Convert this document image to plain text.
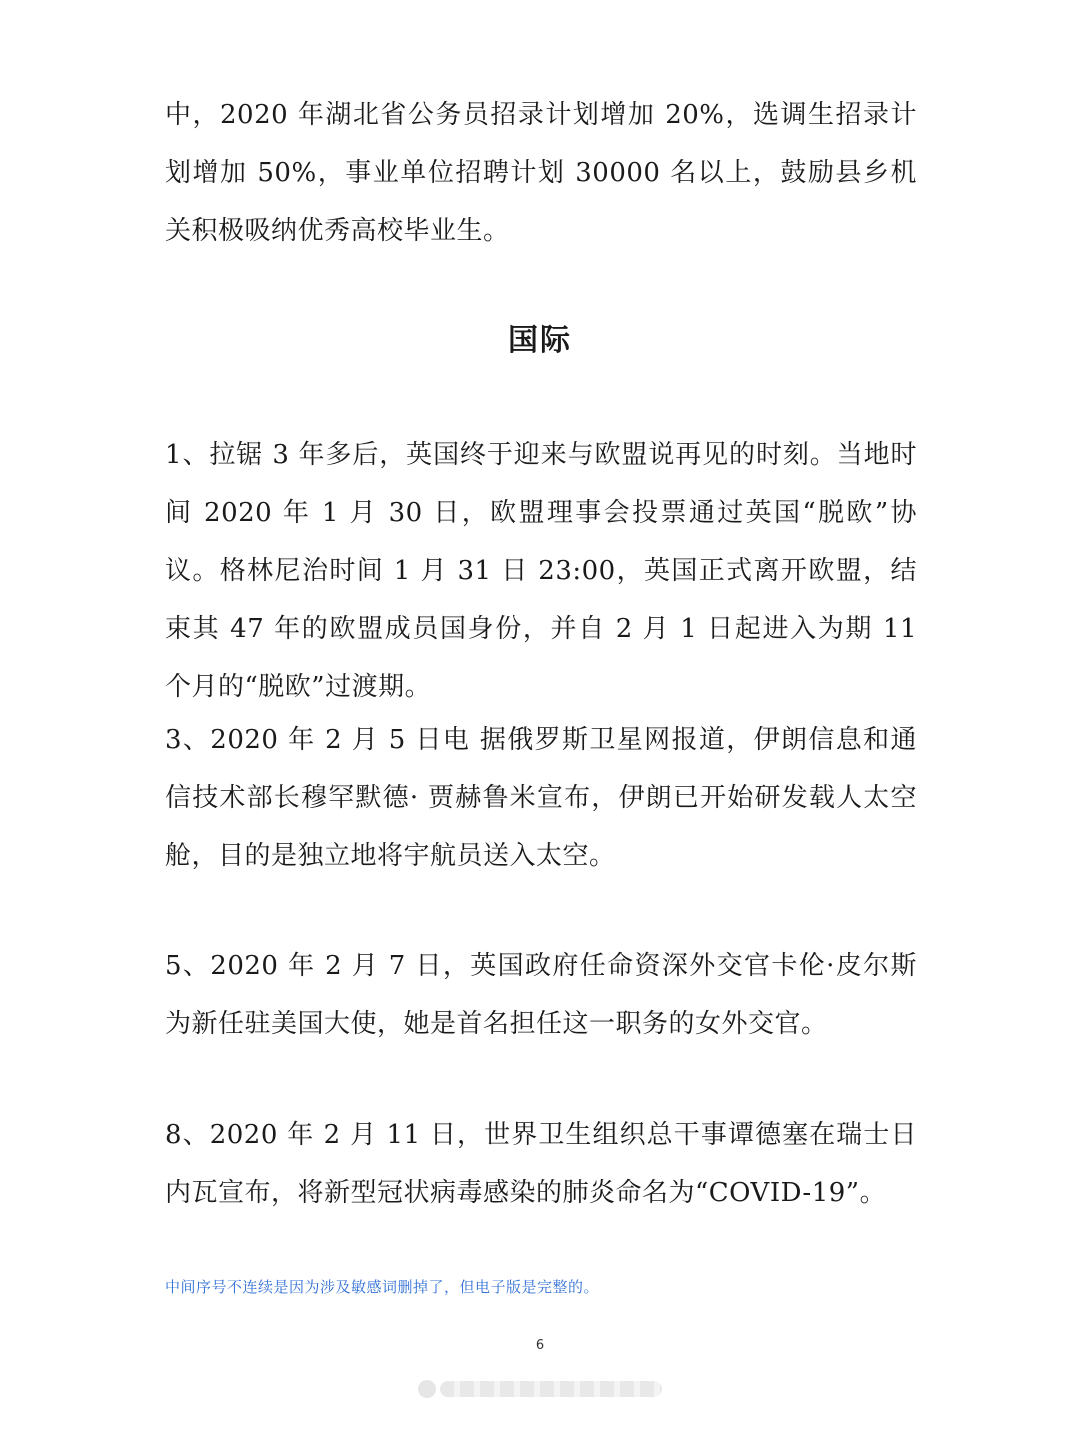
中，2020 年湖北省公务员招录计划增加 20%，选调生招录计划增加 50%，事业单位招聘计划 30000 名以上，鼓励县乡机关积极吸纳优秀高校毕业生。

国际

1、拉锯 3 年多后，英国终于迎来与欧盟说再见的时刻。当地时间 2020 年 1 月 30 日，欧盟理事会投票通过英国“脱欧”协议。格林尼治时间 1 月 31 日 23:00，英国正式离开欧盟，结束其 47 年的欧盟成员国身份，并自 2 月 1 日起进入为期 11 个月的“脱欧”过渡期。

3、2020 年 2 月 5 日电 据俄罗斯卫星网报道，伊朗信息和通信技术部长穆罕默德· 贾赫鲁米宣布，伊朗已开始研发载人太空舱，目的是独立地将宇航员送入太空。

5、2020 年 2 月 7 日，英国政府任命资深外交官卡伦·皮尔斯为新任驻美国大使，她是首名担任这一职务的女外交官。

8、2020 年 2 月 11 日，世界卫生组织总干事谭德塞在瑞士日内瓦宣布，将新型冠状病毒感染的肺炎命名为“COVID-19”。

中间序号不连续是因为涉及敏感词删掉了，但电子版是完整的。
6
